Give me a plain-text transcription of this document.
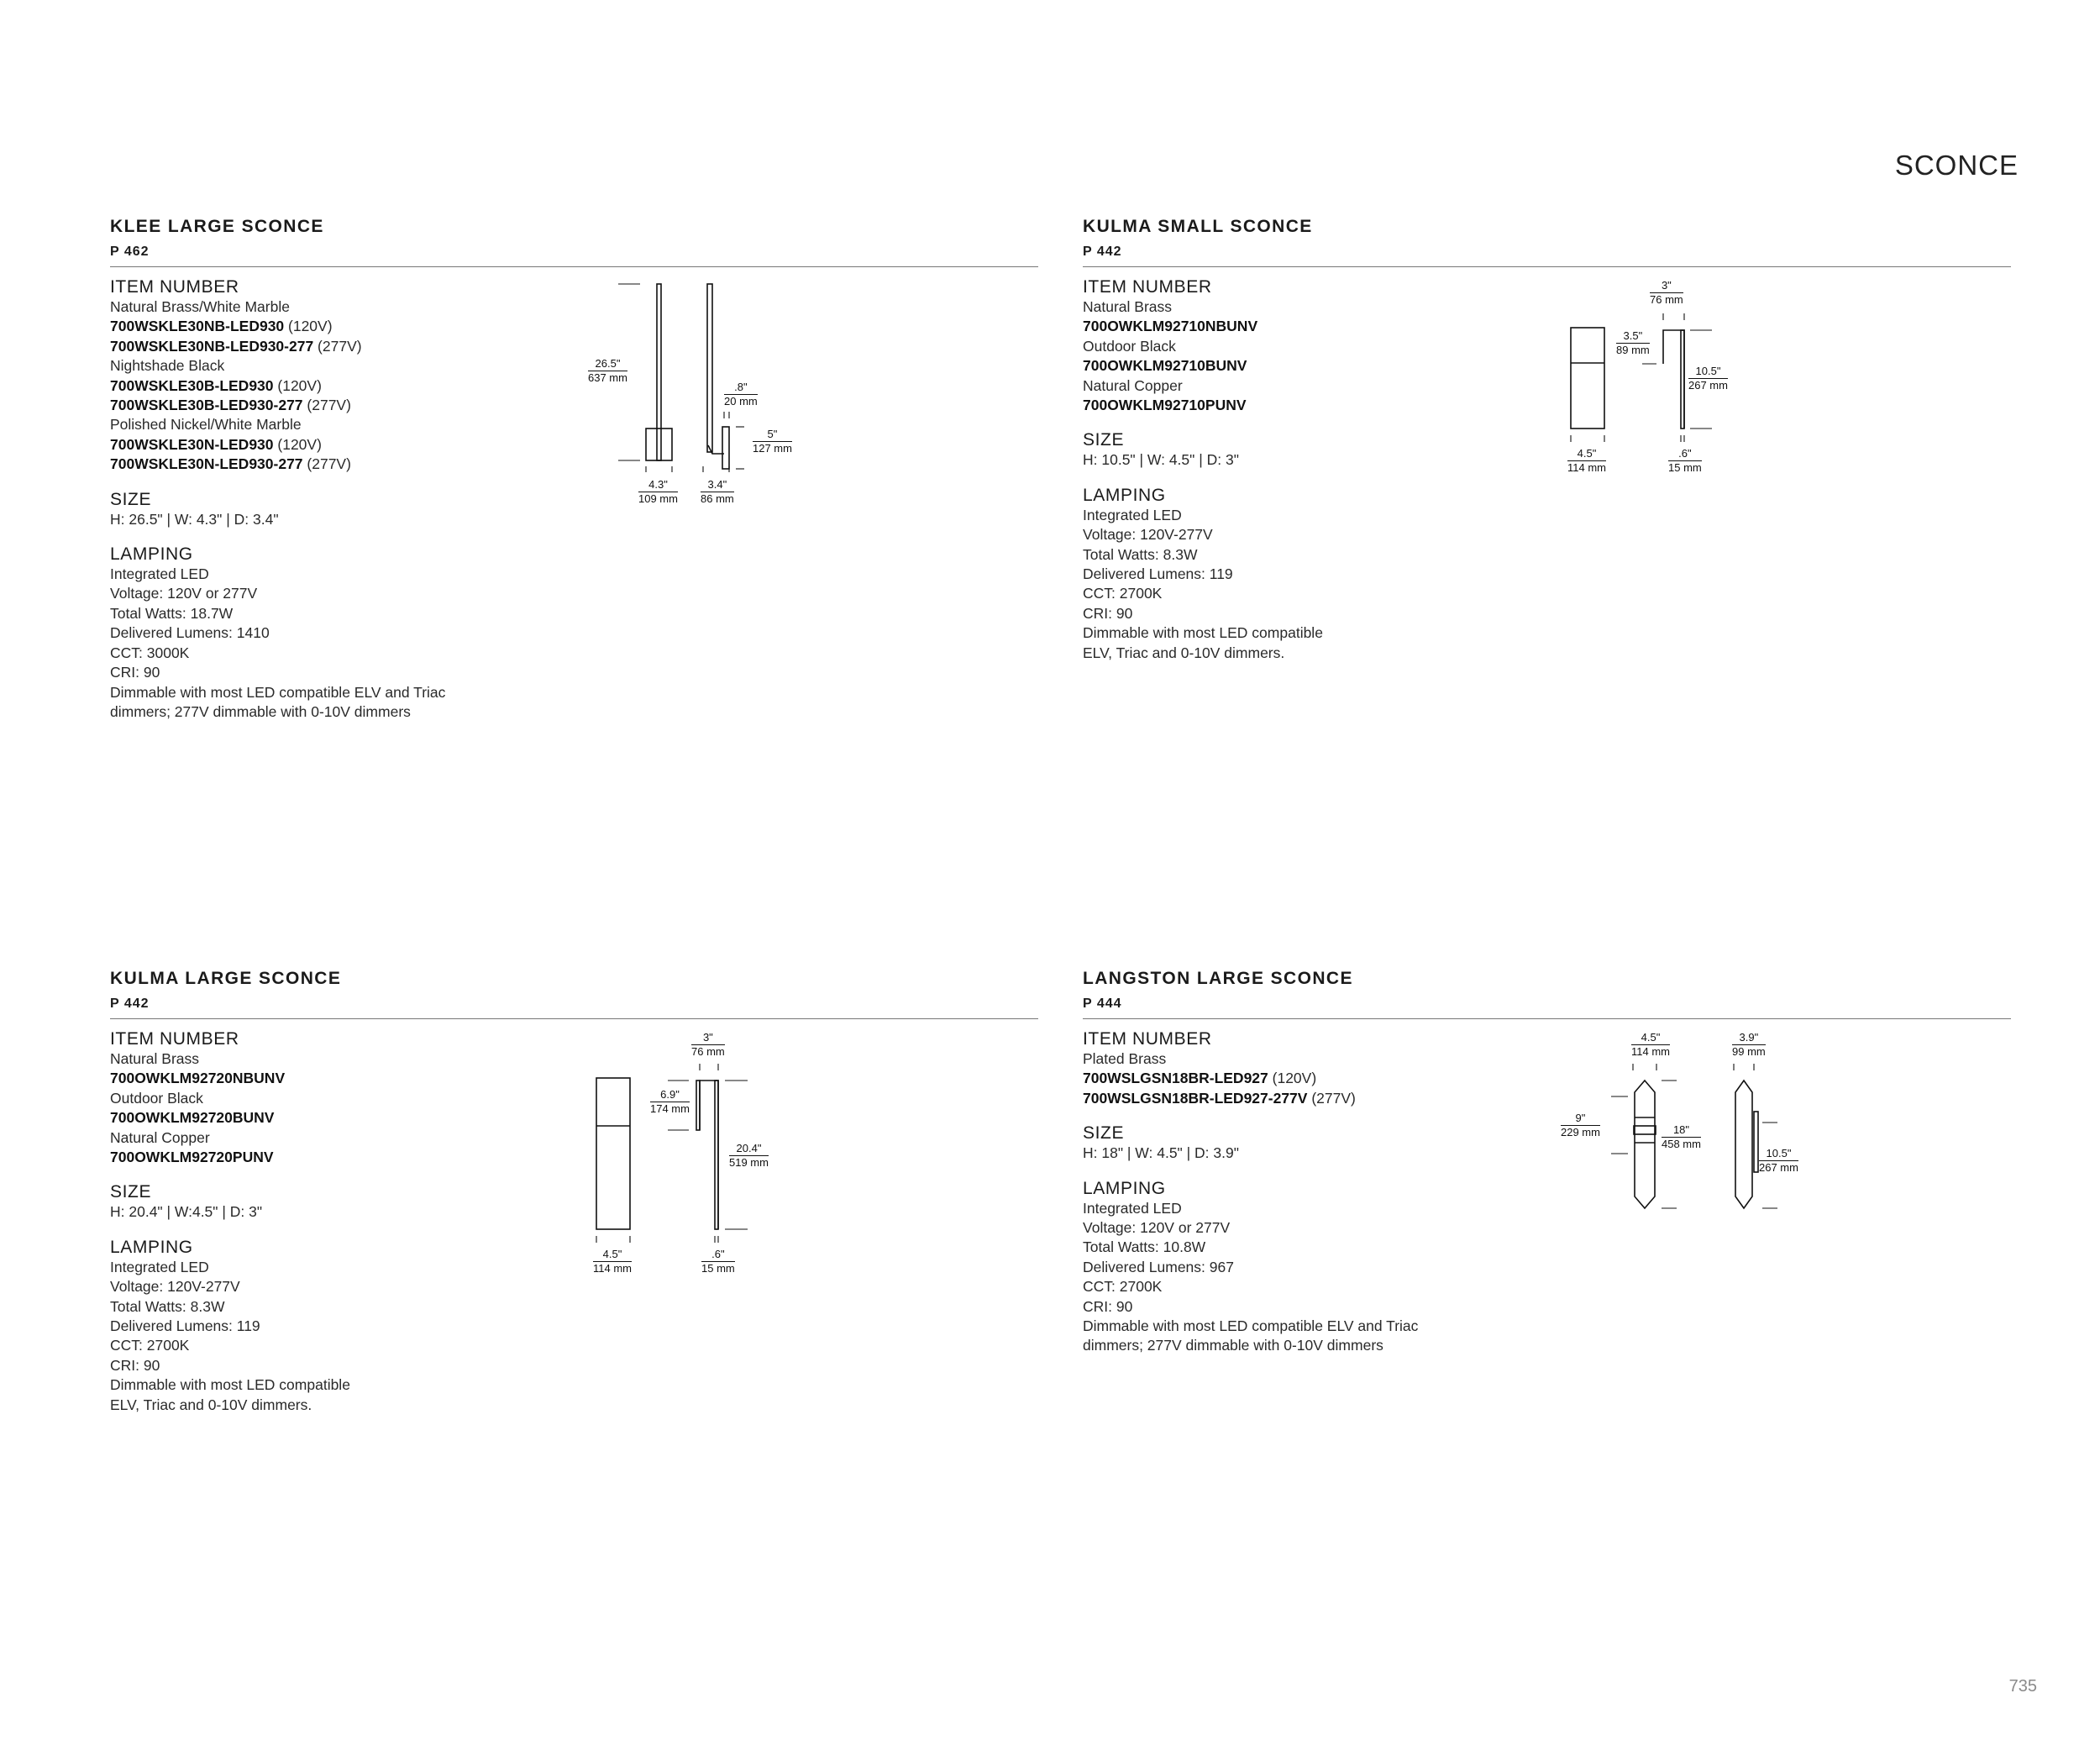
SCONCE
KLEE LARGE SCONCE
P 462
ITEM NUMBER
Natural Brass/White Marble
700WSKLE30NB-LED930 (120V)
700WSKLE30NB-LED930-277 (277V)
Nightshade Black
700WSKLE30B-LED930 (120V)
700WSKLE30B-LED930-277 (277V)
Polished Nickel/White Marble
700WSKLE30N-LED930 (120V)
700WSKLE30N-LED930-277 (277V)
SIZE
H: 26.5" | W: 4.3" | D: 3.4"
LAMPING
Integrated LED
Voltage: 120V or 277V
Total Watts: 18.7W
Delivered Lumens: 1410
CCT: 3000K
CRI: 90
Dimmable with most LED compatible ELV and Triac
dimmers; 277V dimmable with 0-10V dimmers
26.5"
637 mm
4.3"
109 mm
3.4"
86 mm
.8"
20 mm
5"
127 mm
KULMA SMALL SCONCE
P 442
ITEM NUMBER
Natural Brass
700OWKLM92710NBUNV
Outdoor Black
700OWKLM92710BUNV
Natural Copper
700OWKLM92710PUNV
SIZE
H: 10.5" | W: 4.5" | D: 3"
LAMPING
Integrated LED
Voltage: 120V-277V
Total Watts: 8.3W
Delivered Lumens: 119
CCT: 2700K
CRI: 90
Dimmable with most LED compatible
ELV, Triac and 0-10V dimmers.
3"
76 mm
3.5"
89 mm
10.5"
267 mm
4.5"
114 mm
.6"
15 mm
KULMA LARGE SCONCE
P 442
ITEM NUMBER
Natural Brass
700OWKLM92720NBUNV
Outdoor Black
700OWKLM92720BUNV
Natural Copper
700OWKLM92720PUNV
SIZE
H: 20.4" | W:4.5" | D: 3"
LAMPING
Integrated LED
Voltage: 120V-277V
Total Watts: 8.3W
Delivered Lumens: 119
CCT: 2700K
CRI: 90
Dimmable with most LED compatible
ELV, Triac and 0-10V dimmers.
3"
76 mm
6.9"
174 mm
20.4"
519 mm
4.5"
114 mm
.6"
15 mm
LANGSTON LARGE SCONCE
P 444
ITEM NUMBER
Plated Brass
700WSLGSN18BR-LED927 (120V)
700WSLGSN18BR-LED927-277V (277V)
SIZE
H: 18" | W: 4.5" | D: 3.9"
LAMPING
Integrated LED
Voltage: 120V or 277V
Total Watts: 10.8W
Delivered Lumens: 967
CCT: 2700K
CRI: 90
Dimmable with most LED compatible ELV and Triac
dimmers; 277V dimmable with 0-10V dimmers
4.5"
114 mm
3.9"
99 mm
9"
229 mm	18"
458 mm
10.5"
267 mm
735
